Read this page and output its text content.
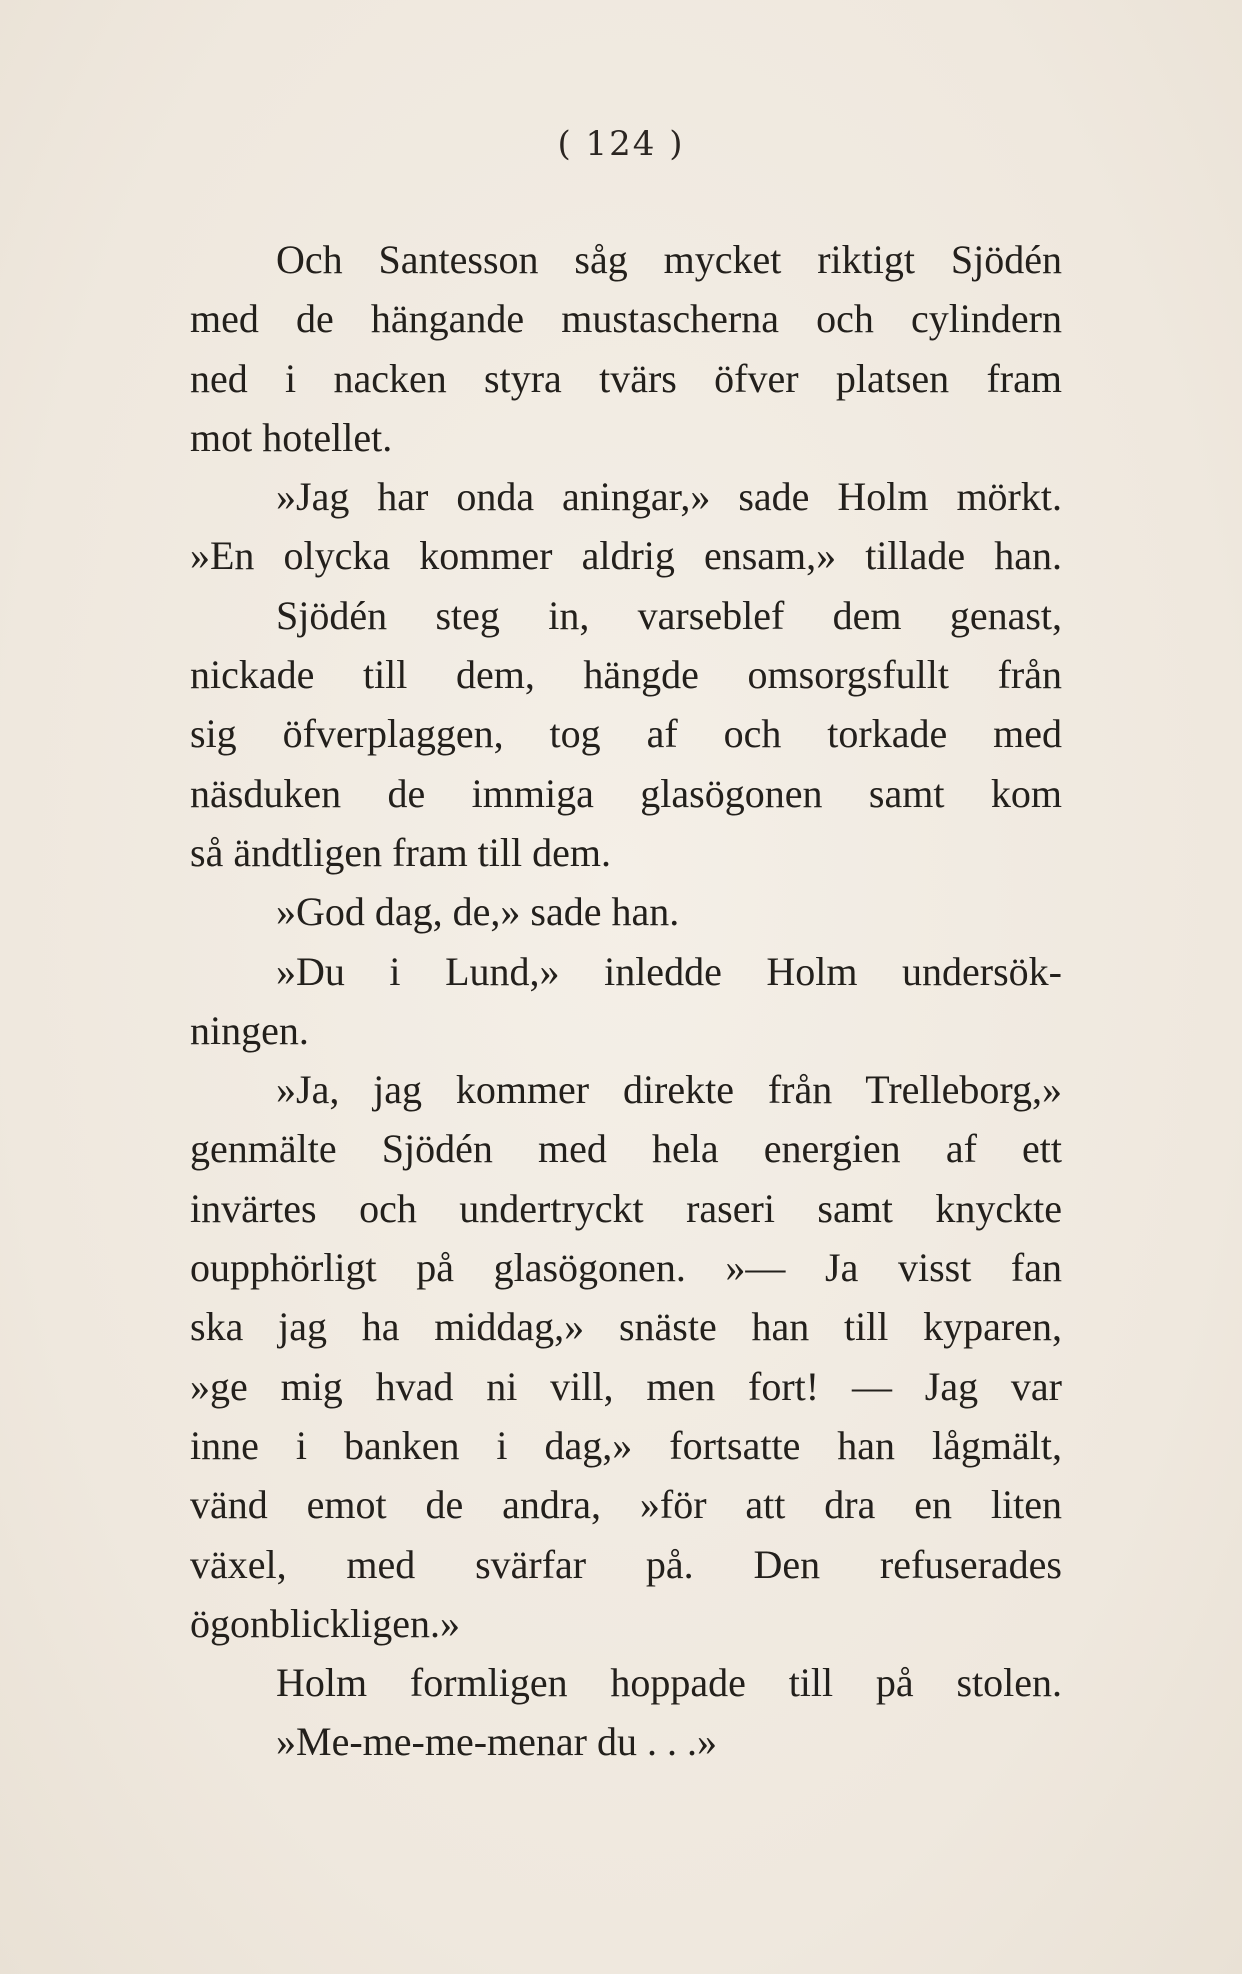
( 124 )
Och Santesson såg mycket riktigt Sjödén
med de hängande mustascherna och cylindern
ned i nacken styra tvärs öfver platsen fram
mot hotellet.
»Jag har onda aningar,» sade Holm mörkt.
»En olycka kommer aldrig ensam,» tillade han.
Sjödén steg in, varseblef dem genast,
nickade till dem, hängde omsorgsfullt från
sig öfverplaggen, tog af och torkade med
näsduken de immiga glasögonen samt kom
så ändtligen fram till dem.
»God dag, de,» sade han.
»Du i Lund,» inledde Holm undersök-
ningen.
»Ja, jag kommer direkte från Trelleborg,»
genmälte Sjödén med hela energien af ett
invärtes och undertryckt raseri samt knyckte
oupphörligt på glasögonen. »— Ja visst fan
ska jag ha middag,» snäste han till kyparen,
»ge mig hvad ni vill, men fort! — Jag var
inne i banken i dag,» fortsatte han lågmält,
vänd emot de andra, »för att dra en liten
växel, med svärfar på. Den refuserades
ögonblickligen.»
Holm formligen hoppade till på stolen.
»Me-me-me-menar du . . .»
